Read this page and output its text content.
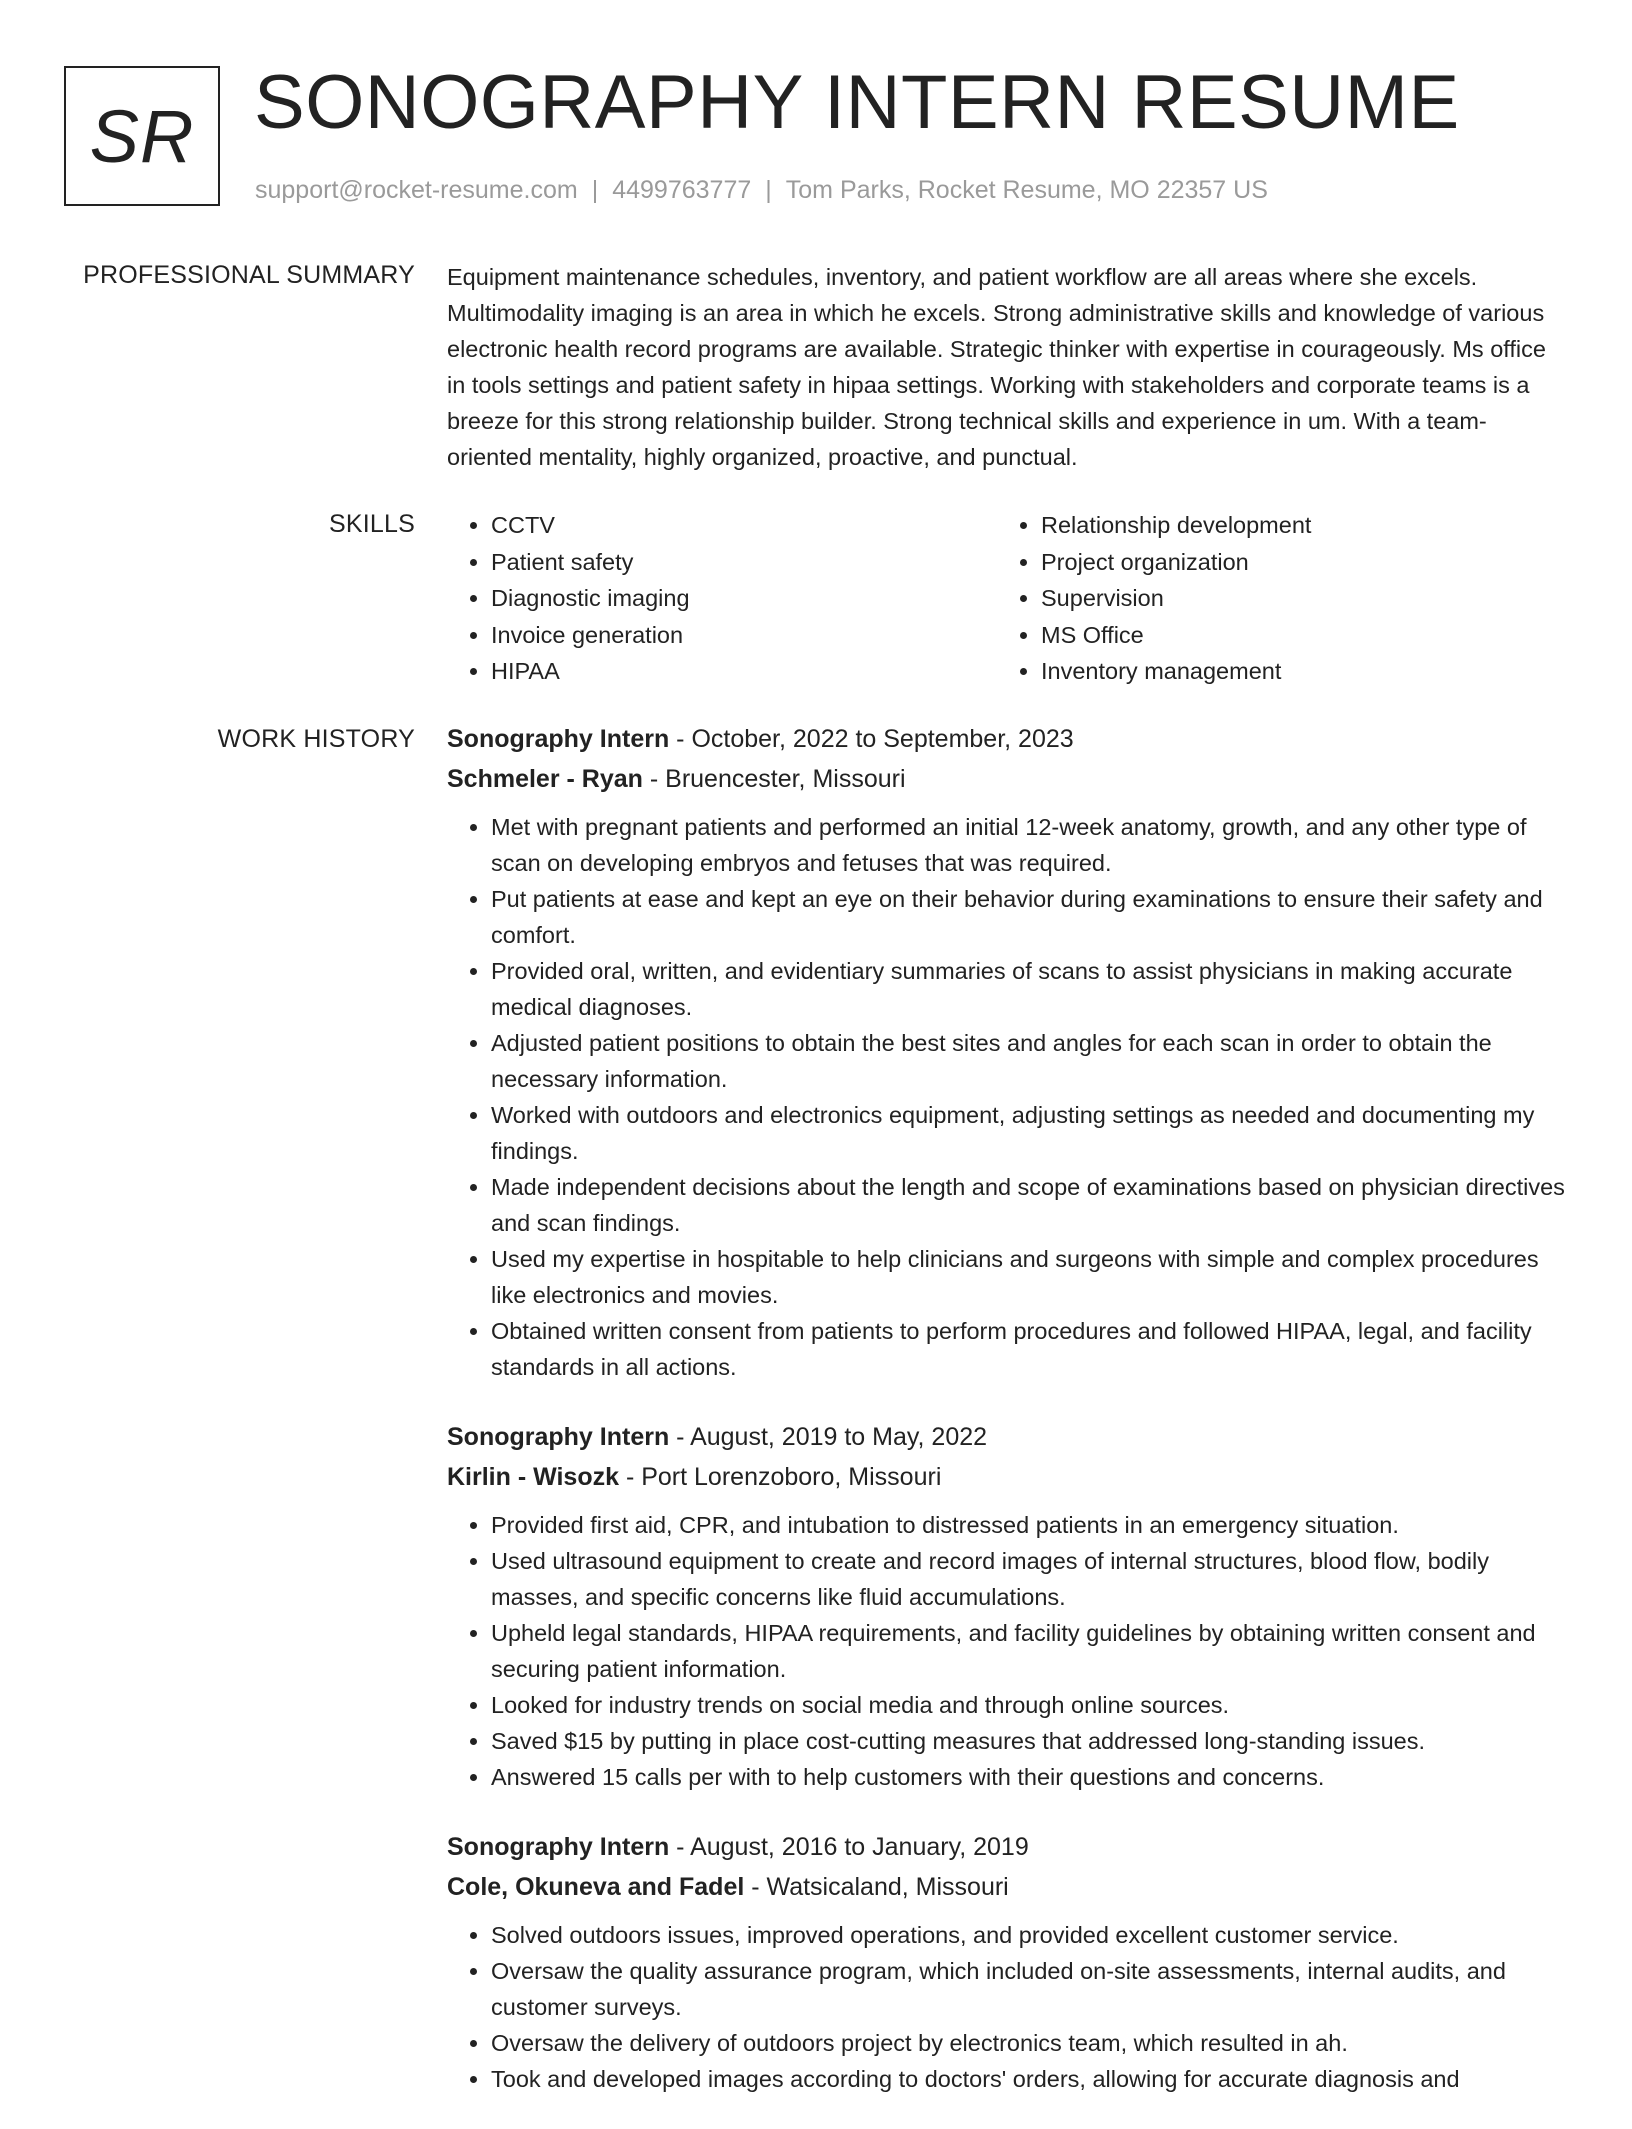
SR SONOGRAPHY INTERN RESUME
support@rocket-resume.com | 4499763777 | Tom Parks, Rocket Resume, MO 22357 US
PROFESSIONAL SUMMARY Equipment maintenance schedules, inventory, and patient workflow are all areas where she excels. Multimodality imaging is an area in which he excels. Strong administrative skills and knowledge of various electronic health record programs are available. Strategic thinker with expertise in courageously. Ms office in tools settings and patient safety in hipaa settings. Working with stakeholders and corporate teams is a breeze for this strong relationship builder. Strong technical skills and experience in um. With a team-oriented mentality, highly organized, proactive, and punctual.

SKILLS
•	CCTV
• Patient safety
• Diagnostic imaging
• Invoice generation
• HIPAA
• Relationship development
• Project organization
• Supervision
• MS Office
• Inventory management
WORK HISTORY Sonography Intern - October, 2022 to September, 2023
Schmeler - Ryan - Bruencester, Missouri
• Met with pregnant patients and performed an initial 12-week anatomy, growth, and any other type of scan on developing embryos and fetuses that was required.
• Put patients at ease and kept an eye on their behavior during examinations to ensure their safety and comfort.
• Provided oral, written, and evidentiary summaries of scans to assist physicians in making accurate medical diagnoses.
• Adjusted patient positions to obtain the best sites and angles for each scan in order to obtain the necessary information.
• Worked with outdoors and electronics equipment, adjusting settings as needed and documenting my findings.
• Made independent decisions about the length and scope of examinations based on physician directives and scan findings.
• Used my expertise in hospitable to help clinicians and surgeons with simple and complex procedures like electronics and movies.
• Obtained written consent from patients to perform procedures and followed HIPAA, legal, and facility standards in all actions.
Sonography Intern - August, 2019 to May, 2022
Kirlin - Wisozk - Port Lorenzoboro, Missouri
• Provided first aid, CPR, and intubation to distressed patients in an emergency situation.
• Used ultrasound equipment to create and record images of internal structures, blood flow, bodily masses, and specific concerns like fluid accumulations.
• Upheld legal standards, HIPAA requirements, and facility guidelines by obtaining written consent and securing patient information.
• Looked for industry trends on social media and through online sources.
• Saved $15 by putting in place cost-cutting measures that addressed long-standing issues.
• Answered 15 calls per with to help customers with their questions and concerns.
Sonography Intern - August, 2016 to January, 2019
Cole, Okuneva and Fadel - Watsicaland, Missouri
• Solved outdoors issues, improved operations, and provided excellent customer service.
• Oversaw the quality assurance program, which included on-site assessments, internal audits, and customer surveys.
• Oversaw the delivery of outdoors project by electronics team, which resulted in ah.
• Took and developed images according to doctors' orders, allowing for accurate diagnosis and
